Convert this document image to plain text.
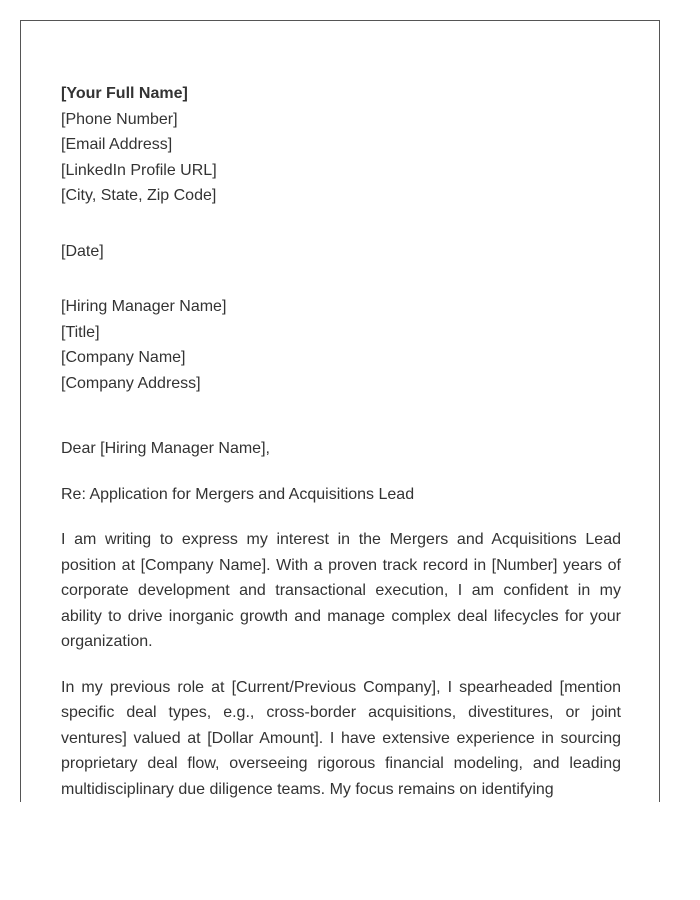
[Your Full Name]

[Phone Number]

[Email Address]

[LinkedIn Profile URL]

[City, State, Zip Code]

[Date]

[Hiring Manager Name]

[Title]

[Company Name]

[Company Address]

Dear [Hiring Manager Name],

Re: Application for Mergers and Acquisitions Lead

I am writing to express my interest in the Mergers and Acquisitions Lead position at [Company Name]. With a proven track record in [Number] years of corporate development and transactional execution, I am confident in my ability to drive inorganic growth and manage complex deal lifecycles for your organization.

In my previous role at [Current/Previous Company], I spearheaded [mention specific deal types, e.g., cross-border acquisitions, divestitures, or joint ventures] valued at [Dollar Amount]. I have extensive experience in sourcing proprietary deal flow, overseeing rigorous financial modeling, and leading multidisciplinary due diligence teams. My focus remains on identifying
